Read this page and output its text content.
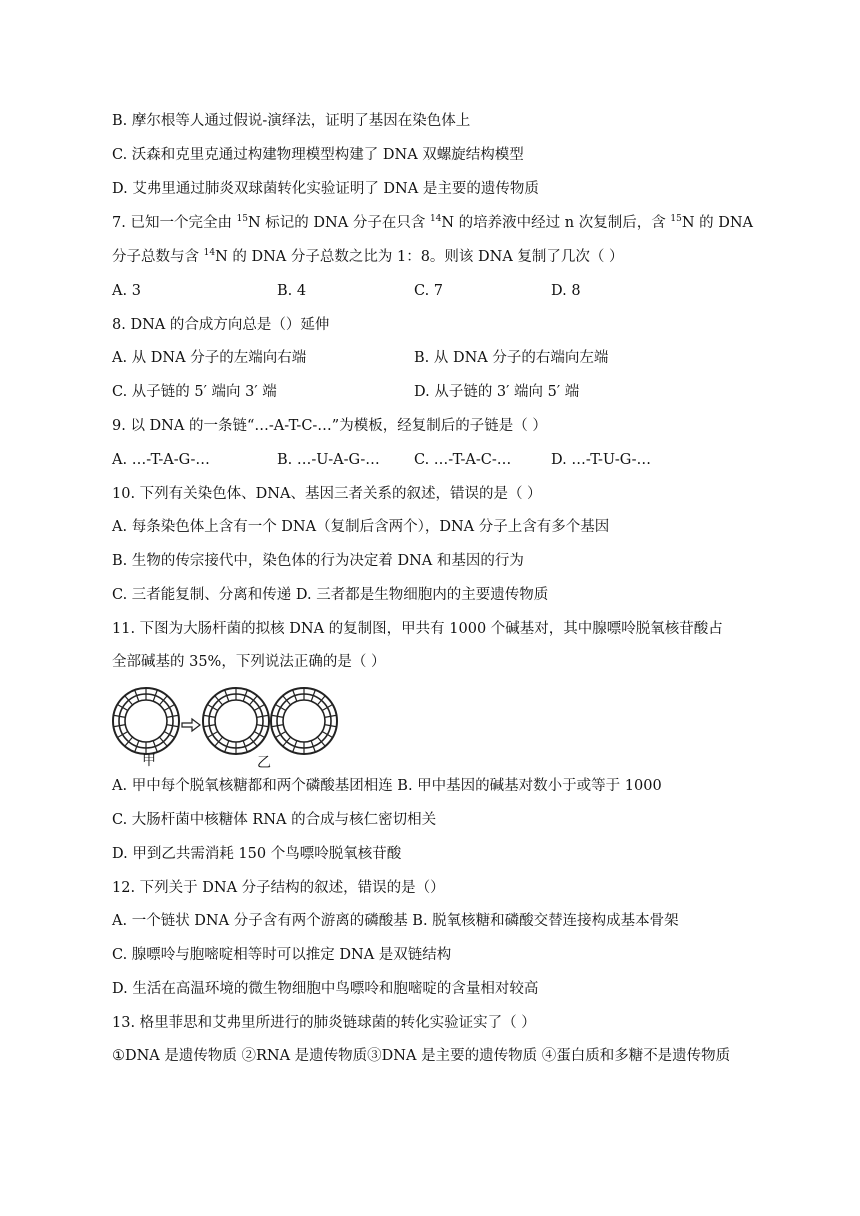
B. 摩尔根等人通过假说-演绎法，证明了基因在染色体上
C. 沃森和克里克通过构建物理模型构建了 DNA 双螺旋结构模型
D. 艾弗里通过肺炎双球菌转化实验证明了 DNA 是主要的遗传物质
7. 已知一个完全由 $^{15}$N 标记的 DNA 分子在只含 $^{14}$N 的培养液中经过 n 次复制后，含 $^{15}$N 的 DNA
分子总数与含 $^{14}$N 的 DNA 分子总数之比为 1：8。则该 DNA 复制了几次（ ）
A. 3	B. 4	C. 7	D. 8
8. DNA 的合成方向总是（）延伸
A. 从 DNA 分子的左端向右端	B. 从 DNA 分子的右端向左端
C. 从子链的 5′ 端向 3′ 端	D. 从子链的 3′ 端向 5′ 端
9. 以 DNA 的一条链“…-A-T-C-…”为模板，经复制后的子链是（ ）
A. …-T-A-G-…	B. …-U-A-G-… C. …-T-A-C-…	D. …-T-U-G-…
10. 下列有关染色体、DNA、基因三者关系的叙述，错误的是（ ）
A. 每条染色体上含有一个 DNA（复制后含两个），DNA 分子上含有多个基因
B. 生物的传宗接代中，染色体的行为决定着 DNA 和基因的行为
C. 三者能复制、分离和传递 D. 三者都是生物细胞内的主要遗传物质
11. 下图为大肠杆菌的拟核 DNA 的复制图，甲共有 1000 个碱基对，其中腺嘌呤脱氧核苷酸占
全部碱基的 35%，下列说法正确的是（ ）
甲	乙
A. 甲中每个脱氧核糖都和两个磷酸基团相连 B. 甲中基因的碱基对数小于或等于 1000
C. 大肠杆菌中核糖体 RNA 的合成与核仁密切相关
D. 甲到乙共需消耗 150 个鸟嘌呤脱氧核苷酸
12. 下列关于 DNA 分子结构的叙述，错误的是（）
A. 一个链状 DNA 分子含有两个游离的磷酸基 B. 脱氧核糖和磷酸交替连接构成基本骨架
C. 腺嘌呤与胞嘧啶相等时可以推定 DNA 是双链结构
D. 生活在高温环境的微生物细胞中鸟嘌呤和胞嘧啶的含量相对较高
13. 格里菲思和艾弗里所进行的肺炎链球菌的转化实验证实了（ ）
①DNA 是遗传物质 ②RNA 是遗传物质③DNA 是主要的遗传物质 ④蛋白质和多糖不是遗传物质
